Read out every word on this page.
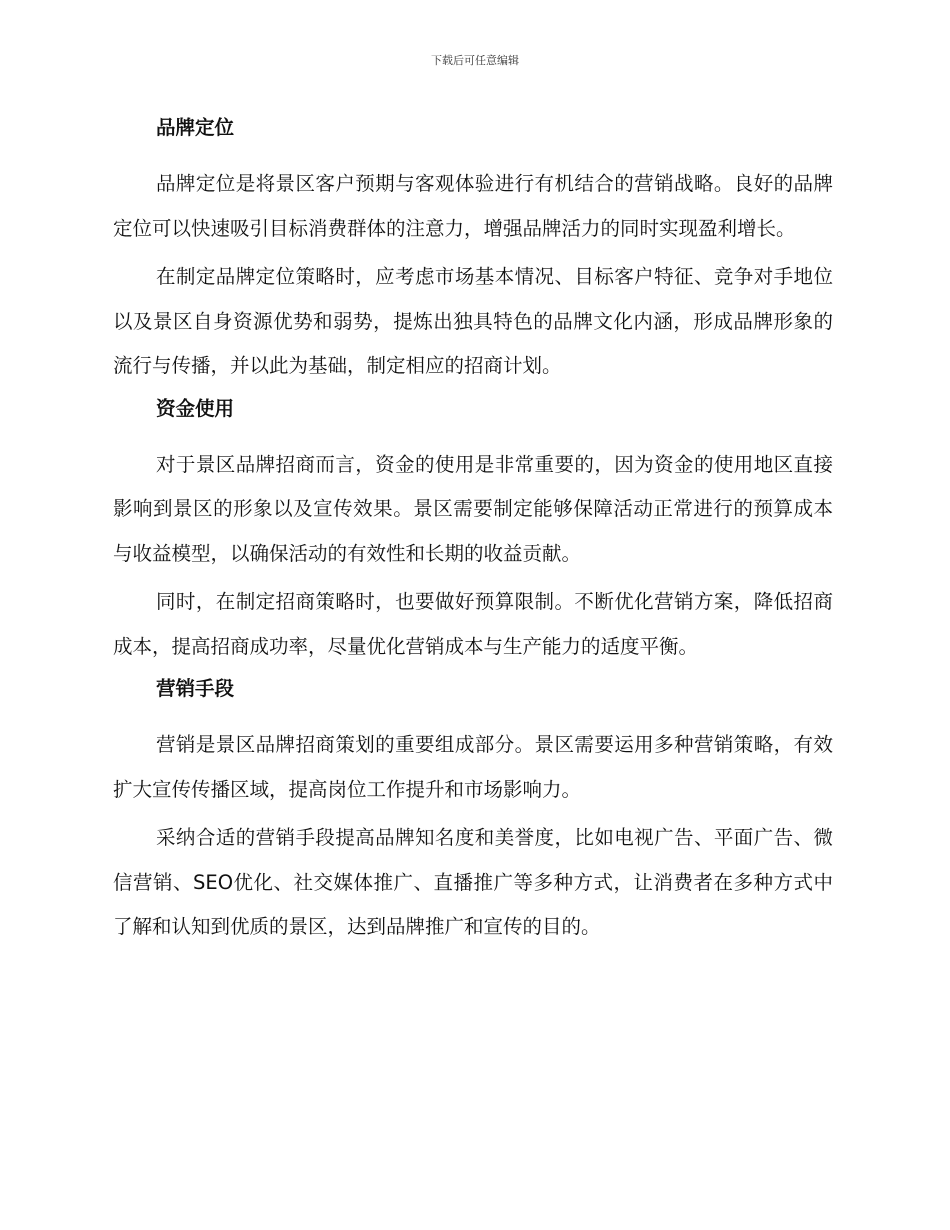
下载后可任意编辑
品牌定位

品牌定位是将景区客户预期与客观体验进行有机结合的营销战略。良好的品牌定位可以快速吸引目标消费群体的注意力，增强品牌活力的同时实现盈利增长。

在制定品牌定位策略时，应考虑市场基本情况、目标客户特征、竞争对手地位以及景区自身资源优势和弱势，提炼出独具特色的品牌文化内涵，形成品牌形象的流行与传播，并以此为基础，制定相应的招商计划。

资金使用

对于景区品牌招商而言，资金的使用是非常重要的，因为资金的使用地区直接影响到景区的形象以及宣传效果。景区需要制定能够保障活动正常进行的预算成本与收益模型，以确保活动的有效性和长期的收益贡献。

同时，在制定招商策略时，也要做好预算限制。不断优化营销方案，降低招商成本，提高招商成功率，尽量优化营销成本与生产能力的适度平衡。

营销手段

营销是景区品牌招商策划的重要组成部分。景区需要运用多种营销策略，有效扩大宣传传播区域，提高岗位工作提升和市场影响力。

采纳合适的营销手段提高品牌知名度和美誉度，比如电视广告、平面广告、微信营销、SEO优化、社交媒体推广、直播推广等多种方式，让消费者在多种方式中了解和认知到优质的景区，达到品牌推广和宣传的目的。
